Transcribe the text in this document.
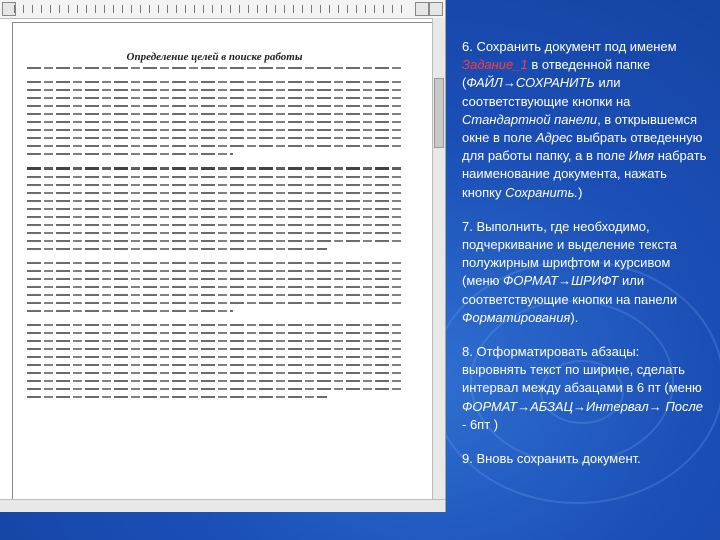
Определение целей в поиске работы

6. Сохранить документ под именем Задание_1 в отведенной папке (ФАЙЛ→СОХРАНИТЬ или соответствующие кнопки на Стандартной панели, в открывшемся окне в поле Адрес выбрать отведенную для работы папку, а в поле Имя набрать наименование документа, нажать кнопку Сохранить.)

7. Выполнить, где необходимо, подчеркивание и выделение текста полужирным шрифтом и курсивом (меню ФОРМАТ→ШРИФТ или соответствующие кнопки на панели Форматирования).

8. Отформатировать абзацы: выровнять текст по ширине, сделать интервал между абзацами в 6 пт (меню ФОРМАТ→АБЗАЦ→Интервал→ После - 6пт )

9. Вновь сохранить документ.
